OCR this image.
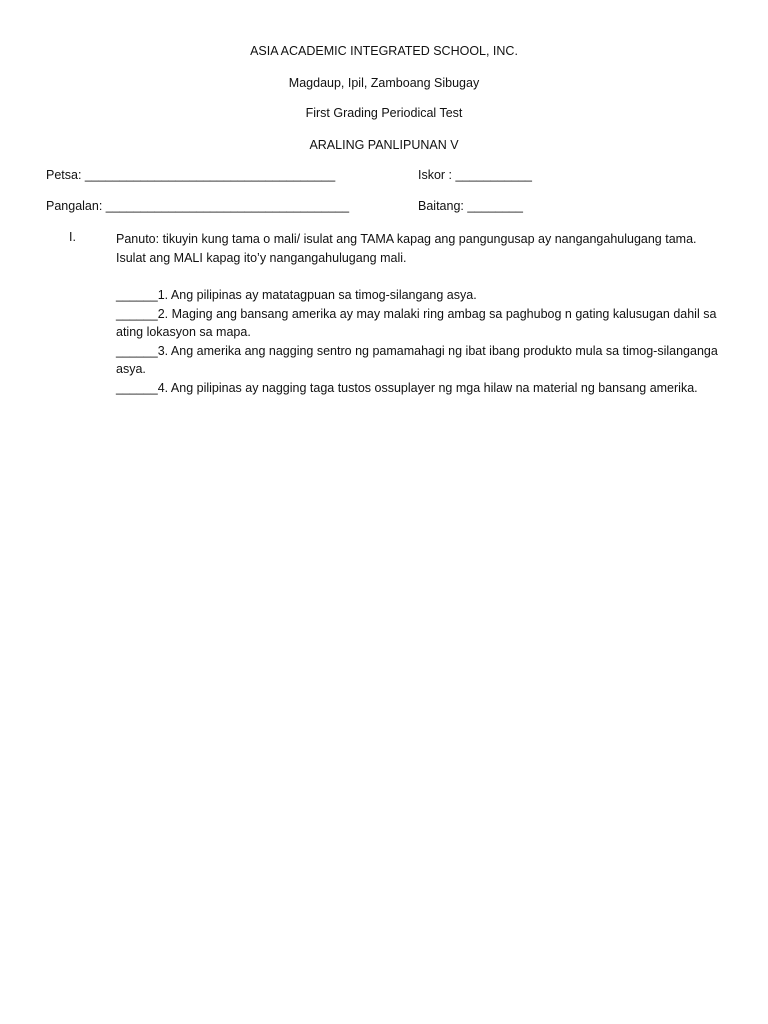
ASIA ACADEMIC INTEGRATED SCHOOL, INC.
Magdaup, Ipil, Zamboang Sibugay
First Grading Periodical Test
ARALING PANLIPUNAN V
Petsa: ____________________________________	Iskor : ___________
Pangalan: ___________________________________	Baitang: ________
I.	Panuto: tikuyin kung tama o mali/ isulat ang TAMA kapag ang pangungusap ay nangangahulugang tama.
Isulat ang MALI kapag ito’y nangangahulugang mali.
______1. Ang pilipinas ay matatagpuan sa timog-silangang asya.
______2. Maging ang bansang amerika ay may malaki ring ambag sa paghubog n gating kalusugan dahil sa ating lokasyon sa mapa.
______3. Ang amerika ang nagging sentro ng pamamahagi ng ibat ibang produkto mula sa timog-silanganga asya.
______4. Ang pilipinas ay nagging taga tustos ossuplayer ng mga hilaw na material ng bansang amerika.
